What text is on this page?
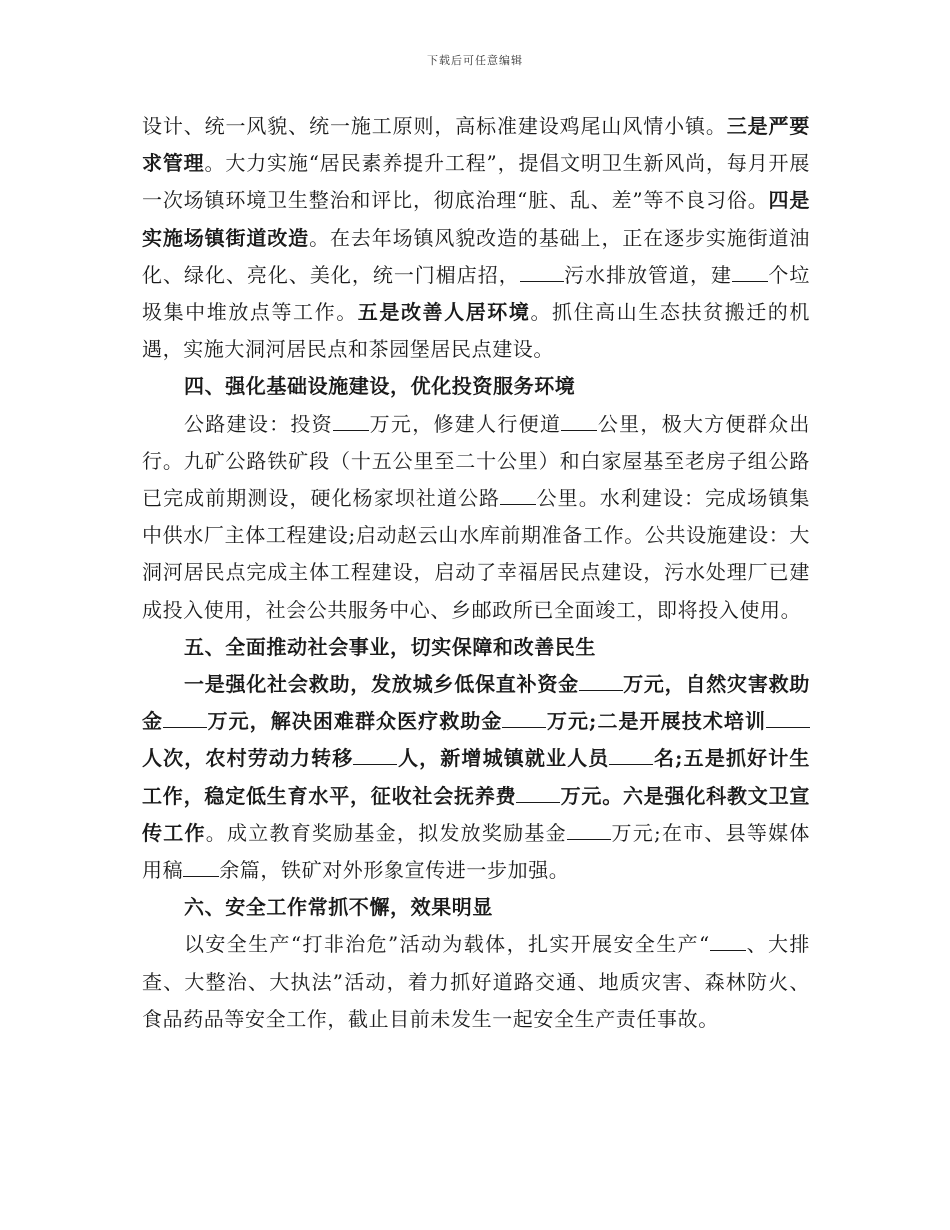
下载后可任意编辑

设计、统一风貌、统一施工原则，高标准建设鸡尾山风情小镇。三是严要求管理。大力实施“居民素养提升工程”，提倡文明卫生新风尚，每月开展一次场镇环境卫生整治和评比，彻底治理“脏、乱、差”等不良习俗。四是实施场镇街道改造。在去年场镇风貌改造的基础上，正在逐步实施街道油化、绿化、亮化、美化，统一门楣店招， 污水排放管道，建 个垃圾集中堆放点等工作。五是改善人居环境。抓住高山生态扶贫搬迁的机遇，实施大洞河居民点和茶园堡居民点建设。

四、强化基础设施建设，优化投资服务环境

公路建设：投资 万元，修建人行便道 公里，极大方便群众出行。九矿公路铁矿段（十五公里至二十公里）和白家屋基至老房子组公路已完成前期测设，硬化杨家坝社道公路 公里。水利建设：完成场镇集中供水厂主体工程建设;启动赵云山水库前期准备工作。公共设施建设：大洞河居民点完成主体工程建设，启动了幸福居民点建设，污水处理厂已建成投入使用，社会公共服务中心、乡邮政所已全面竣工，即将投入使用。

五、全面推动社会事业，切实保障和改善民生

一是强化社会救助，发放城乡低保直补资金 万元，自然灾害救助金 万元，解决困难群众医疗救助金 万元;二是开展技术培训人次，农村劳动力转移 人，新增城镇就业人员 名;五是抓好计生工作，稳定低生育水平，征收社会抚养费 万元。六是强化科教文卫宣传工作。成立教育奖励基金，拟发放奖励基金 万元;在市、县等媒体用稿 余篇，铁矿对外形象宣传进一步加强。

六、安全工作常抓不懈，效果明显

以安全生产“打非治危”活动为载体，扎实开展安全生产“ 、大排查、大整治、大执法”活动，着力抓好道路交通、地质灾害、森林防火、食品药品等安全工作，截止目前未发生一起安全生产责任事故。
